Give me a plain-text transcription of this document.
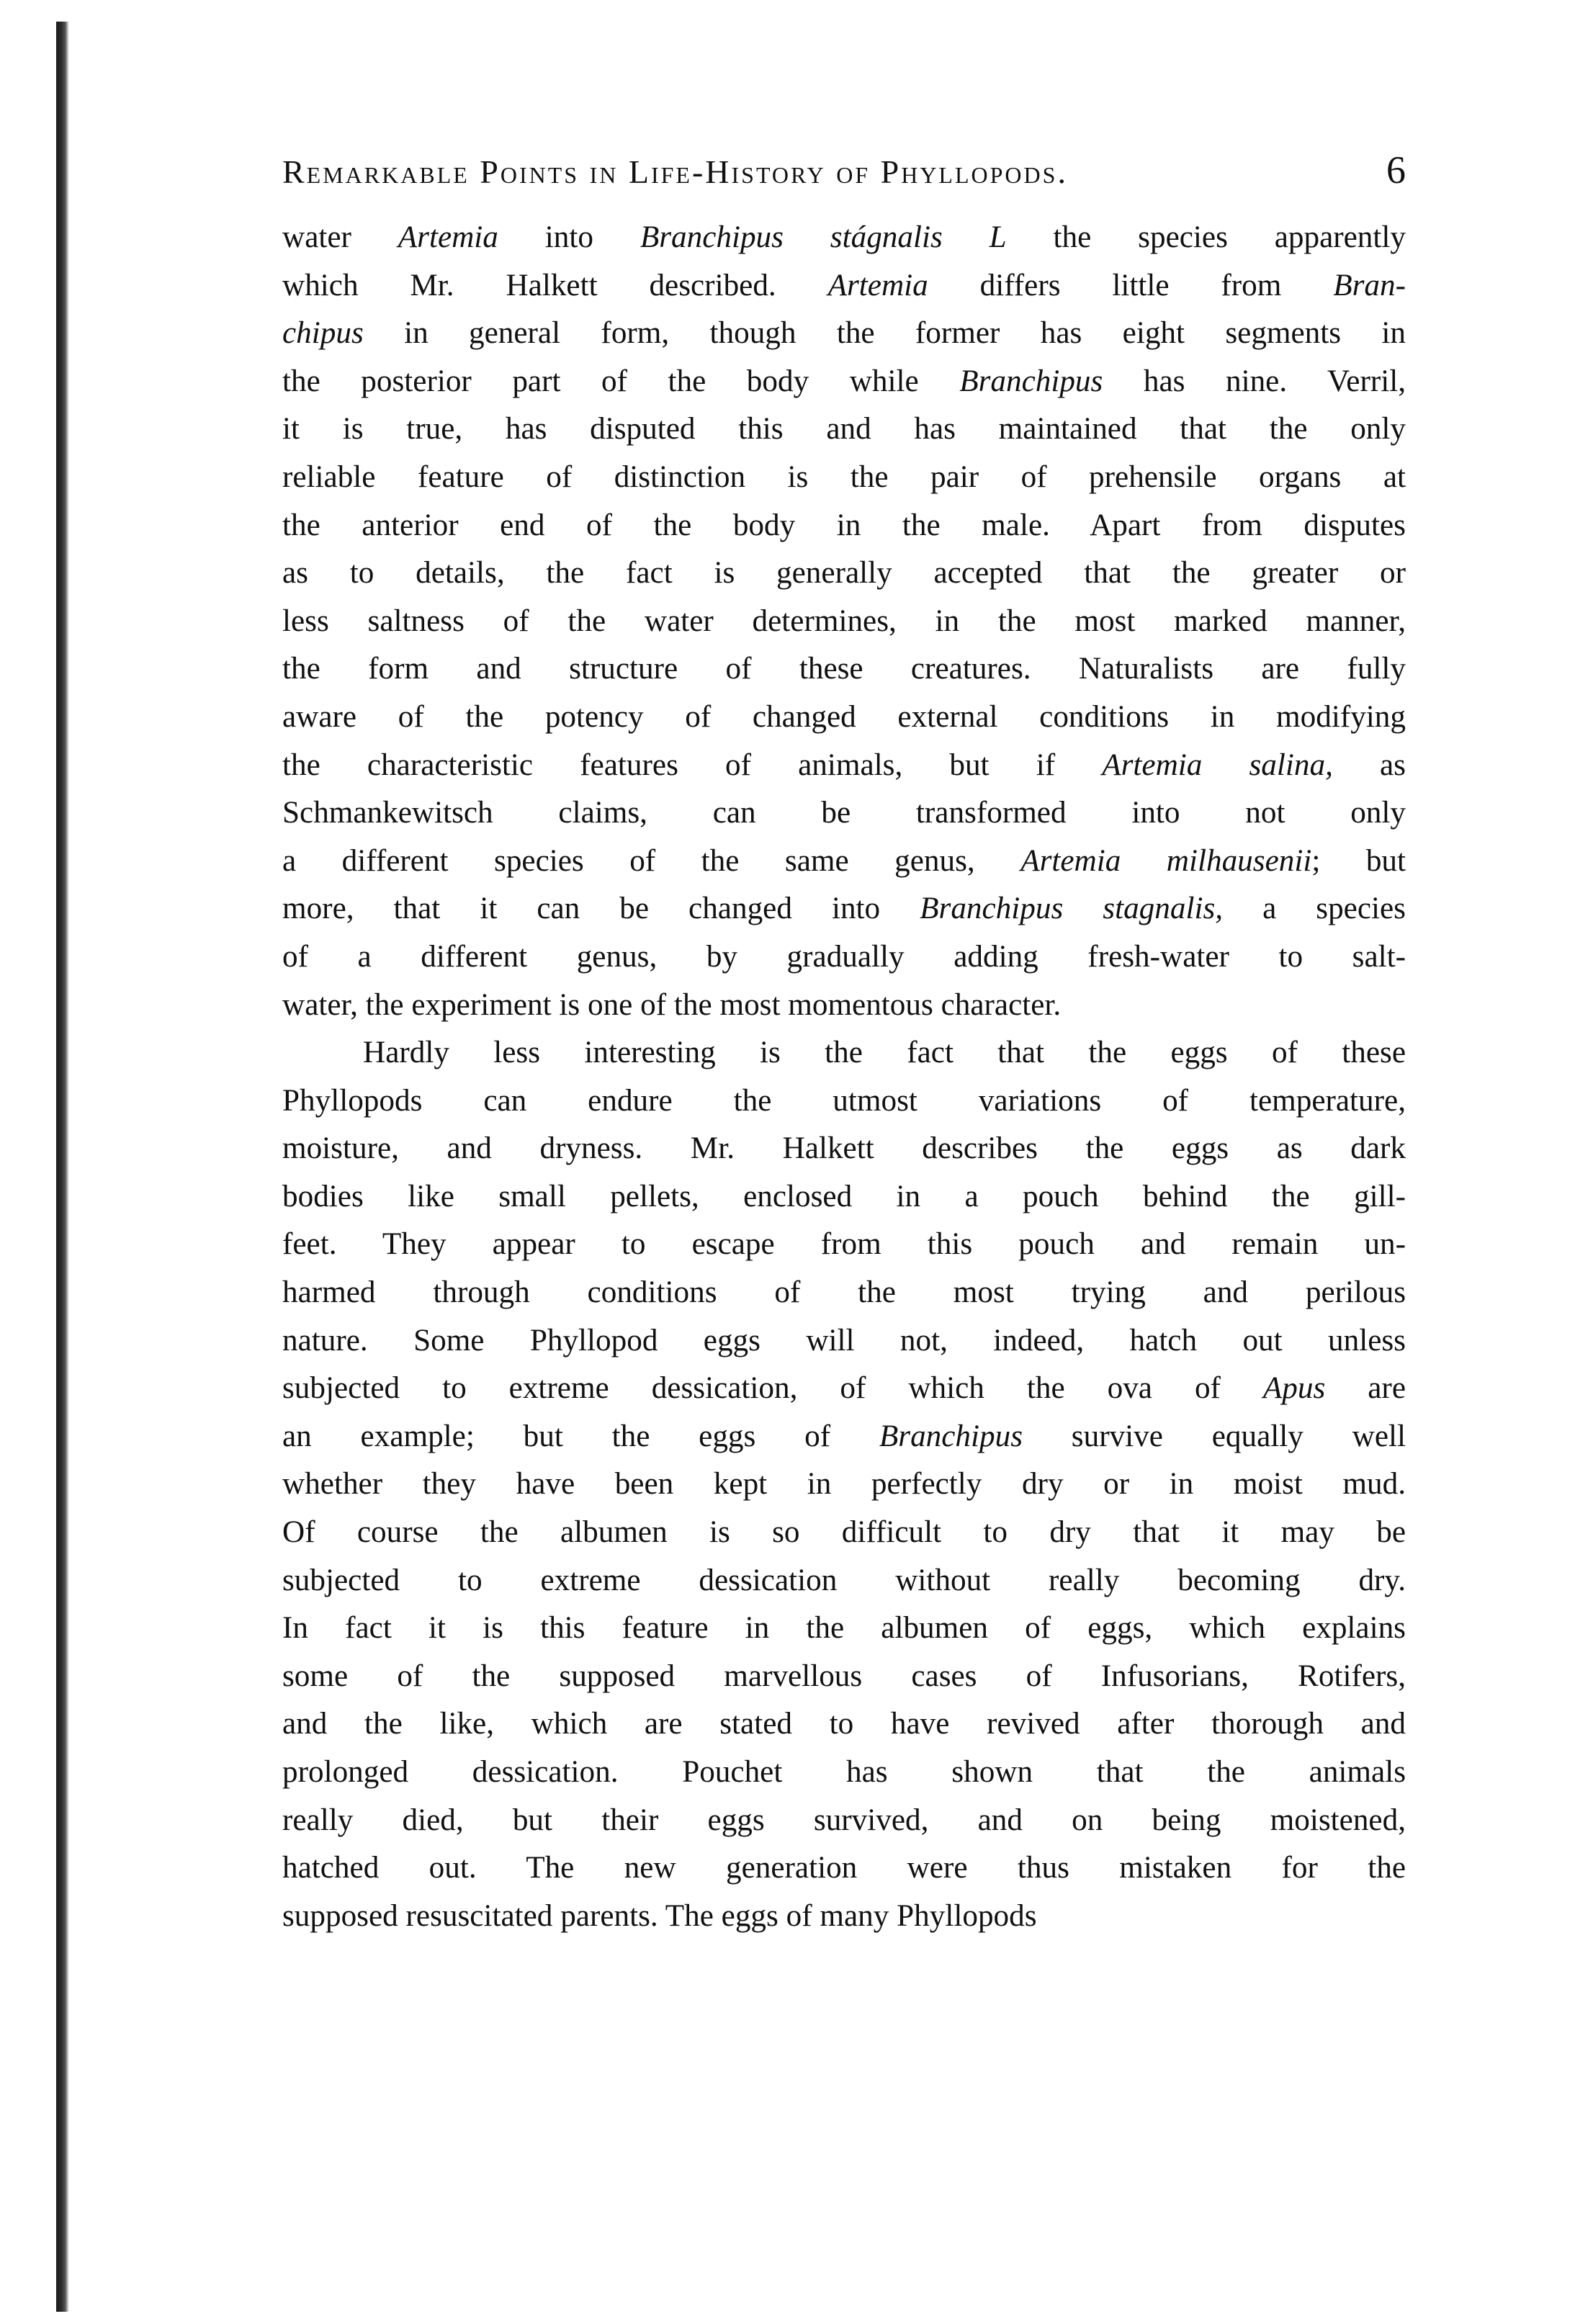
Remarkable Points in Life-History of Phyllopods.	6

water Artemia into Branchipus stágnalis L the species apparently
which Mr. Halkett described. Artemia differs little from Bran-
chipus in general form, though the former has eight segments in
the posterior part of the body while Branchipus has nine. Verril,
it is true, has disputed this and has maintained that the only
reliable feature of distinction is the pair of prehensile organs at
the anterior end of the body in the male. Apart from disputes
as to details, the fact is generally accepted that the greater or
less saltness of the water determines, in the most marked manner,
the form and structure of these creatures. Naturalists are fully
aware of the potency of changed external conditions in modifying
the characteristic features of animals, but if Artemia salina, as
Schmankewitsch claims, can be transformed into not only
a different species of the same genus, Artemia milhausenii; but
more, that it can be changed into Branchipus stagnalis, a species
of a different genus, by gradually adding fresh-water to salt-
water, the experiment is one of the most momentous character.

Hardly less interesting is the fact that the eggs of these
Phyllopods can endure the utmost variations of temperature,
moisture, and dryness. Mr. Halkett describes the eggs as dark
bodies like small pellets, enclosed in a pouch behind the gill-
feet. They appear to escape from this pouch and remain un-
harmed through conditions of the most trying and perilous
nature. Some Phyllopod eggs will not, indeed, hatch out unless
subjected to extreme dessication, of which the ova of Apus are
an example; but the eggs of Branchipus survive equally well
whether they have been kept in perfectly dry or in moist mud.
Of course the albumen is so difficult to dry that it may be
subjected to extreme dessication without really becoming dry.
In fact it is this feature in the albumen of eggs, which explains
some of the supposed marvellous cases of Infusorians, Rotifers,
and the like, which are stated to have revived after thorough and
prolonged dessication. Pouchet has shown that the animals
really died, but their eggs survived, and on being moistened,
hatched out. The new generation were thus mistaken for the
supposed resuscitated parents. The eggs of many Phyllopods
